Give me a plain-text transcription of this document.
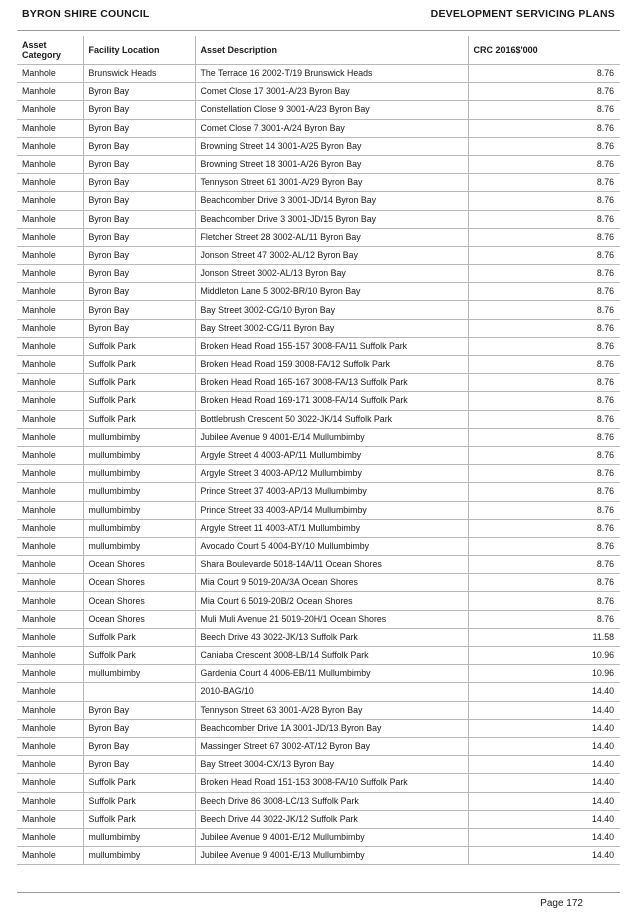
BYRON SHIRE COUNCIL	DEVELOPMENT SERVICING PLANS
Asset Category	Facility Location	Asset Description	CRC 2016$'000
Manhole	Brunswick Heads	The Terrace 16 2002-T/19 Brunswick Heads	8.76
Manhole	Byron Bay	Comet Close 17 3001-A/23 Byron Bay	8.76
Manhole	Byron Bay	Constellation Close 9 3001-A/23 Byron Bay	8.76
Manhole	Byron Bay	Comet Close 7 3001-A/24 Byron Bay	8.76
Manhole	Byron Bay	Browning Street 14 3001-A/25 Byron Bay	8.76
Manhole	Byron Bay	Browning Street 18 3001-A/26 Byron Bay	8.76
Manhole	Byron Bay	Tennyson Street 61 3001-A/29 Byron Bay	8.76
Manhole	Byron Bay	Beachcomber Drive 3 3001-JD/14 Byron Bay	8.76
Manhole	Byron Bay	Beachcomber Drive 3 3001-JD/15 Byron Bay	8.76
Manhole	Byron Bay	Fletcher Street 28 3002-AL/11 Byron Bay	8.76
Manhole	Byron Bay	Jonson Street 47 3002-AL/12 Byron Bay	8.76
Manhole	Byron Bay	Jonson Street 3002-AL/13 Byron Bay	8.76
Manhole	Byron Bay	Middleton Lane 5 3002-BR/10 Byron Bay	8.76
Manhole	Byron Bay	Bay Street 3002-CG/10 Byron Bay	8.76
Manhole	Byron Bay	Bay Street 3002-CG/11 Byron Bay	8.76
Manhole	Suffolk Park	Broken Head Road 155-157 3008-FA/11 Suffolk Park	8.76
Manhole	Suffolk Park	Broken Head Road 159 3008-FA/12 Suffolk Park	8.76
Manhole	Suffolk Park	Broken Head Road 165-167 3008-FA/13 Suffolk Park	8.76
Manhole	Suffolk Park	Broken Head Road 169-171 3008-FA/14 Suffolk Park	8.76
Manhole	Suffolk Park	Bottlebrush Crescent 50 3022-JK/14 Suffolk Park	8.76
Manhole	mullumbimby	Jubilee Avenue 9 4001-E/14 Mullumbimby	8.76
Manhole	mullumbimby	Argyle Street 4 4003-AP/11 Mullumbimby	8.76
Manhole	mullumbimby	Argyle Street 3 4003-AP/12 Mullumbimby	8.76
Manhole	mullumbimby	Prince Street 37 4003-AP/13 Mullumbimby	8.76
Manhole	mullumbimby	Prince Street 33 4003-AP/14 Mullumbimby	8.76
Manhole	mullumbimby	Argyle Street 11 4003-AT/1 Mullumbimby	8.76
Manhole	mullumbimby	Avocado Court 5 4004-BY/10 Mullumbimby	8.76
Manhole	Ocean Shores	Shara Boulevarde 5018-14A/11 Ocean Shores	8.76
Manhole	Ocean Shores	Mia Court 9 5019-20A/3A Ocean Shores	8.76
Manhole	Ocean Shores	Mia Court 6 5019-20B/2 Ocean Shores	8.76
Manhole	Ocean Shores	Muli Muli Avenue 21 5019-20H/1 Ocean Shores	8.76
Manhole	Suffolk Park	Beech Drive 43 3022-JK/13 Suffolk Park	11.58
Manhole	Suffolk Park	Caniaba Crescent 3008-LB/14 Suffolk Park	10.96
Manhole	mullumbimby	Gardenia Court 4 4006-EB/11 Mullumbimby	10.96
Manhole		2010-BAG/10	14.40
Manhole	Byron Bay	Tennyson Street 63 3001-A/28 Byron Bay	14.40
Manhole	Byron Bay	Beachcomber Drive 1A 3001-JD/13 Byron Bay	14.40
Manhole	Byron Bay	Massinger Street 67 3002-AT/12 Byron Bay	14.40
Manhole	Byron Bay	Bay Street 3004-CX/13 Byron Bay	14.40
Manhole	Suffolk Park	Broken Head Road 151-153 3008-FA/10 Suffolk Park	14.40
Manhole	Suffolk Park	Beech Drive 86 3008-LC/13 Suffolk Park	14.40
Manhole	Suffolk Park	Beech Drive 44 3022-JK/12 Suffolk Park	14.40
Manhole	mullumbimby	Jubilee Avenue 9 4001-E/12 Mullumbimby	14.40
Manhole	mullumbimby	Jubilee Avenue 9 4001-E/13 Mullumbimby	14.40
Page 172
